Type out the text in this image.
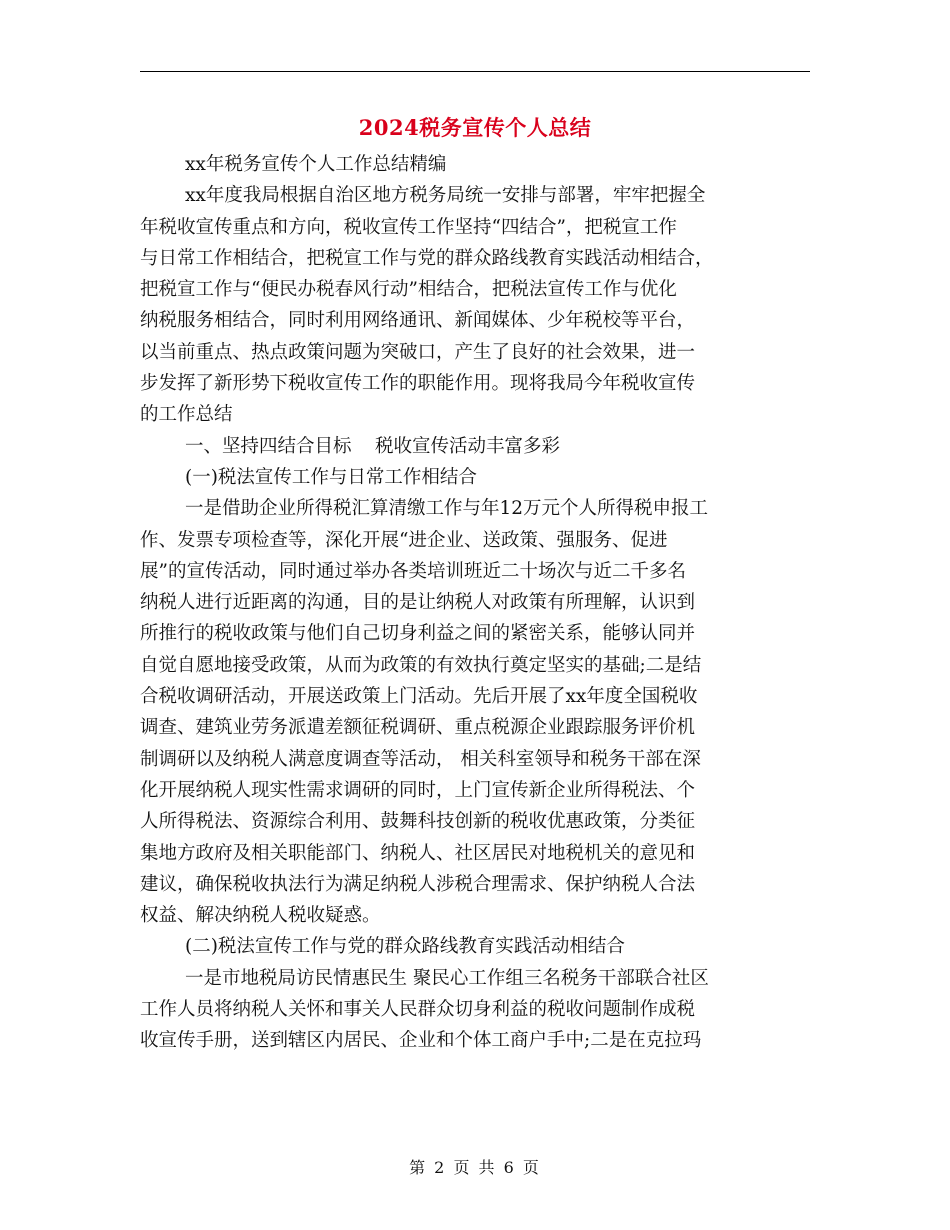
2024税务宣传个人总结
xx年税务宣传个人工作总结精编
xx年度我局根据自治区地方税务局统一安排与部署，牢牢把握全
年税收宣传重点和方向，税收宣传工作坚持“四结合”，把税宣工作
与日常工作相结合，把税宣工作与党的群众路线教育实践活动相结合，
把税宣工作与“便民办税春风行动”相结合，把税法宣传工作与优化
纳税服务相结合，同时利用网络通讯、新闻媒体、少年税校等平台，
以当前重点、热点政策问题为突破口，产生了良好的社会效果，进一
步发挥了新形势下税收宣传工作的职能作用。现将我局今年税收宣传
的工作总结
一、坚持四结合目标    税收宣传活动丰富多彩
(一)税法宣传工作与日常工作相结合
一是借助企业所得税汇算清缴工作与年12万元个人所得税申报工
作、发票专项检查等，深化开展“进企业、送政策、强服务、促进
展”的宣传活动，同时通过举办各类培训班近二十场次与近二千多名
纳税人进行近距离的沟通，目的是让纳税人对政策有所理解，认识到
所推行的税收政策与他们自己切身利益之间的紧密关系，能够认同并
自觉自愿地接受政策，从而为政策的有效执行奠定坚实的基础;二是结
合税收调研活动，开展送政策上门活动。先后开展了xx年度全国税收
调查、建筑业劳务派遣差额征税调研、重点税源企业跟踪服务评价机
制调研以及纳税人满意度调查等活动， 相关科室领导和税务干部在深
化开展纳税人现实性需求调研的同时，上门宣传新企业所得税法、个
人所得税法、资源综合利用、鼓舞科技创新的税收优惠政策，分类征
集地方政府及相关职能部门、纳税人、社区居民对地税机关的意见和
建议，确保税收执法行为满足纳税人涉税合理需求、保护纳税人合法
权益、解决纳税人税收疑惑。
(二)税法宣传工作与党的群众路线教育实践活动相结合
一是市地税局访民情惠民生 聚民心工作组三名税务干部联合社区
工作人员将纳税人关怀和事关人民群众切身利益的税收问题制作成税
收宣传手册，送到辖区内居民、企业和个体工商户手中;二是在克拉玛
第 2 页 共 6 页
